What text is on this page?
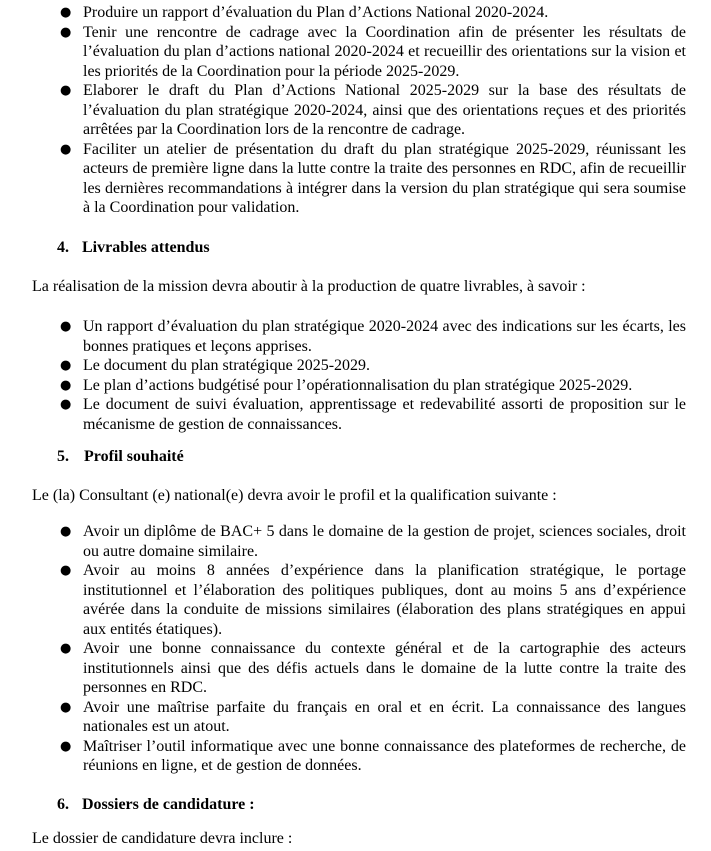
● Produire un rapport d’évaluation du Plan d’Actions National 2020-2024.
● Tenir une rencontre de cadrage avec la Coordination afin de présenter les résultats de l’évaluation du plan d’actions national 2020-2024 et recueillir des orientations sur la vision et les priorités de la Coordination pour la période 2025-2029.
● Elaborer le draft du Plan d’Actions National 2025-2029 sur la base des résultats de l’évaluation du plan stratégique 2020-2024, ainsi que des orientations reçues et des priorités arrêtées par la Coordination lors de la rencontre de cadrage.
● Faciliter un atelier de présentation du draft du plan stratégique 2025-2029, réunissant les acteurs de première ligne dans la lutte contre la traite des personnes en RDC, afin de recueillir les dernières recommandations à intégrer dans la version du plan stratégique qui sera soumise à la Coordination pour validation.
4. Livrables attendus
La réalisation de la mission devra aboutir à la production de quatre livrables, à savoir :
● Un rapport d’évaluation du plan stratégique 2020-2024 avec des indications sur les écarts, les bonnes pratiques et leçons apprises.
● Le document du plan stratégique 2025-2029.
● Le plan d’actions budgétisé pour l’opérationnalisation du plan stratégique 2025-2029.
● Le document de suivi évaluation, apprentissage et redevabilité assorti de proposition sur le mécanisme de gestion de connaissances.
5. Profil souhaité
Le (la) Consultant (e) national(e) devra avoir le profil et la qualification suivante :
● Avoir un diplôme de BAC+ 5 dans le domaine de la gestion de projet, sciences sociales, droit ou autre domaine similaire.
● Avoir au moins 8 années d’expérience dans la planification stratégique, le portage institutionnel et l’élaboration des politiques publiques, dont au moins 5 ans d’expérience avérée dans la conduite de missions similaires (élaboration des plans stratégiques en appui aux entités étatiques).
● Avoir une bonne connaissance du contexte général et de la cartographie des acteurs institutionnels ainsi que des défis actuels dans le domaine de la lutte contre la traite des personnes en RDC.
● Avoir une maîtrise parfaite du français en oral et en écrit. La connaissance des langues nationales est un atout.
● Maîtriser l’outil informatique avec une bonne connaissance des plateformes de recherche, de réunions en ligne, et de gestion de données.
6. Dossiers de candidature :
Le dossier de candidature devra inclure :
